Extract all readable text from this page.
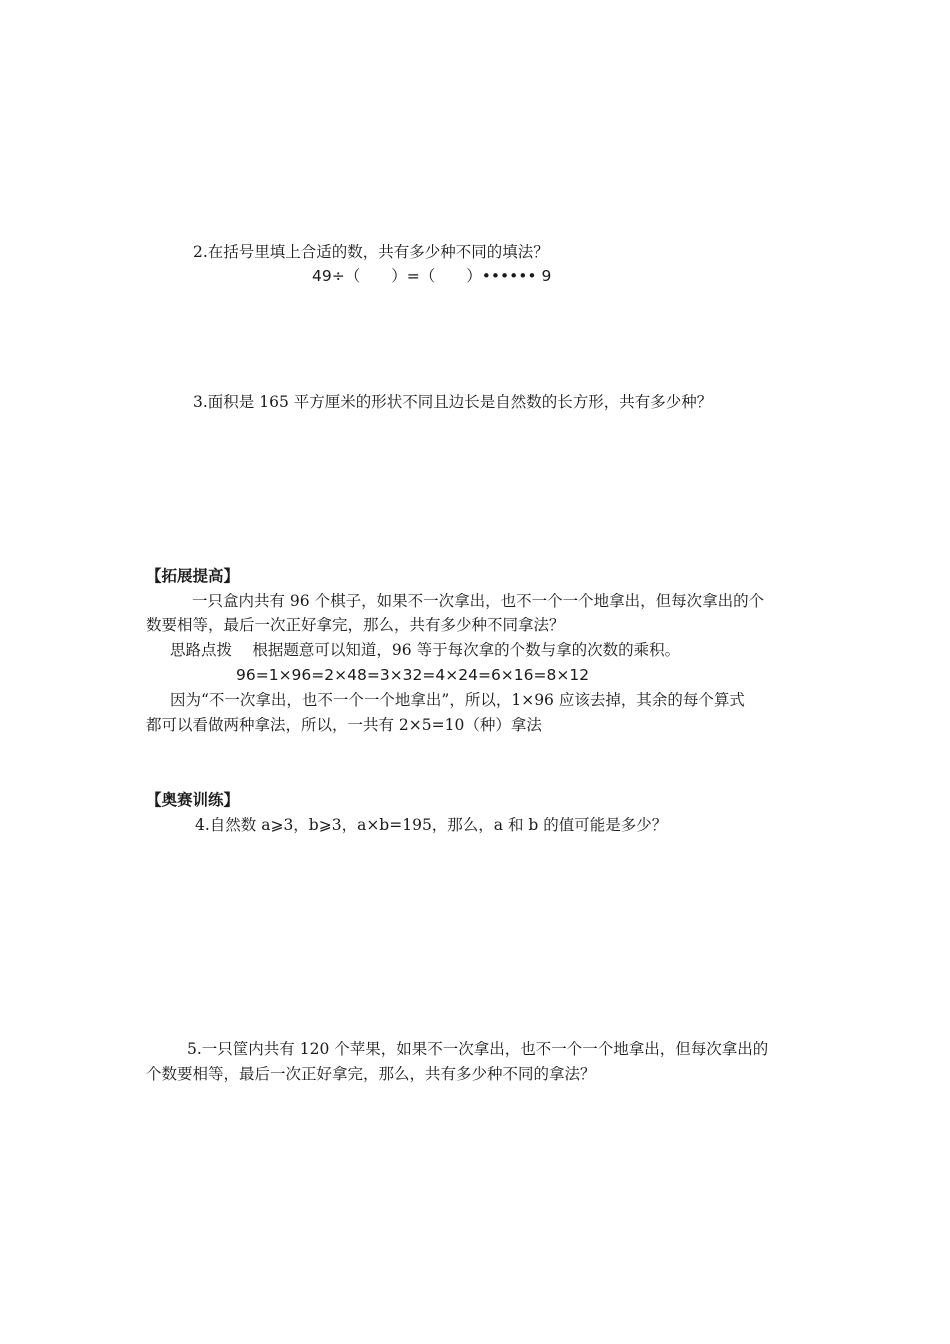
2.在括号里填上合适的数，共有多少种不同的填法？
49÷（　　）=（　　）•••••• 9
3.面积是 165 平方厘米的形状不同且边长是自然数的长方形，共有多少种？
【拓展提高】
一只盒内共有 96 个棋子，如果不一次拿出，也不一个一个地拿出，但每次拿出的个
数要相等，最后一次正好拿完，那么，共有多少种不同拿法？
思路点拨　 根据题意可以知道，96 等于每次拿的个数与拿的次数的乘积。
96=1×96=2×48=3×32=4×24=6×16=8×12
因为“不一次拿出，也不一个一个地拿出”，所以，1×96 应该去掉，其余的每个算式
都可以看做两种拿法，所以，一共有 2×5=10（种）拿法
【奥赛训练】
4.自然数 a⩾3，b⩾3，a×b=195，那么，a 和 b 的值可能是多少？
5.一只筐内共有 120 个苹果，如果不一次拿出，也不一个一个地拿出，但每次拿出的
个数要相等，最后一次正好拿完，那么，共有多少种不同的拿法？
